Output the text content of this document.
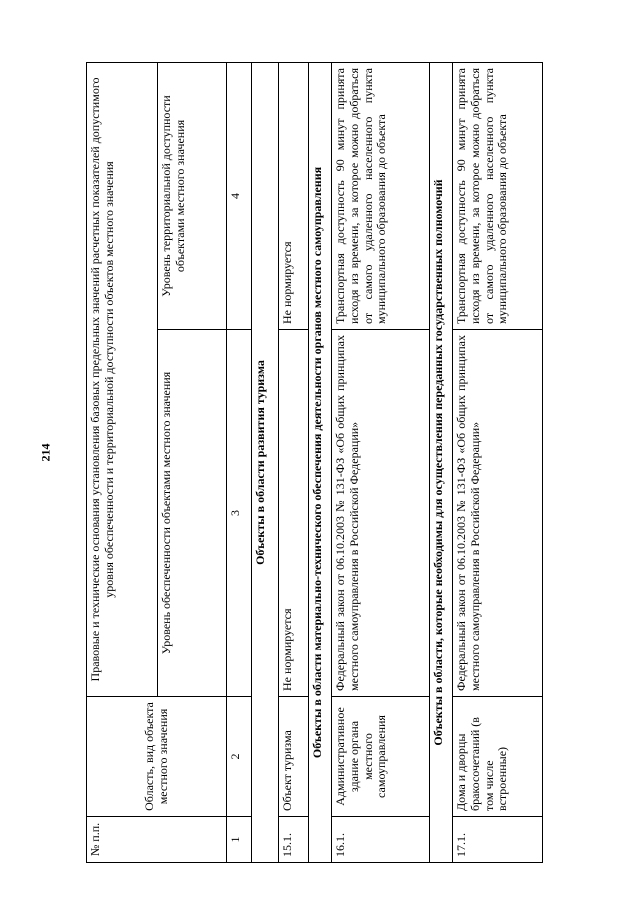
214
№ п.п.	Область, вид объекта местного значения	Правовые и технические основания установления базовых предельных значений расчетных показателей допустимого уровня обеспеченности и территориальной доступности объектов местного значения	
		Уровень обеспеченности объектами местного значения	Уровень территориальной доступности объектами местного значения
1	2	3	4
Объекты в области развития туризма			
15.1.	Объект туризма	Не нормируется	Не нормируется
Объекты в области материально-технического обеспечения деятельности органов местного самоуправления			
16.1.	Административное здание органа местного самоуправления	Федеральный закон от 06.10.2003 № 131-ФЗ «Об общих принципах местного самоуправления в Российской Федерации»	Транспортная доступность 90 минут принята исходя из времени, за которое можно добраться от самого удаленного населенного пункта муниципального образования до объекта
Объекты в области, которые необходимы для осуществления переданных государственных полномочий			
17.1.	Дома и дворцы бракосочетаний (в том числе встроенные)	Федеральный закон от 06.10.2003 № 131-ФЗ «Об общих принципах местного самоуправления в Российской Федерации»	Транспортная доступность 90 минут принята исходя из времени, за которое можно добраться от самого удаленного населенного пункта муниципального образования до объекта
